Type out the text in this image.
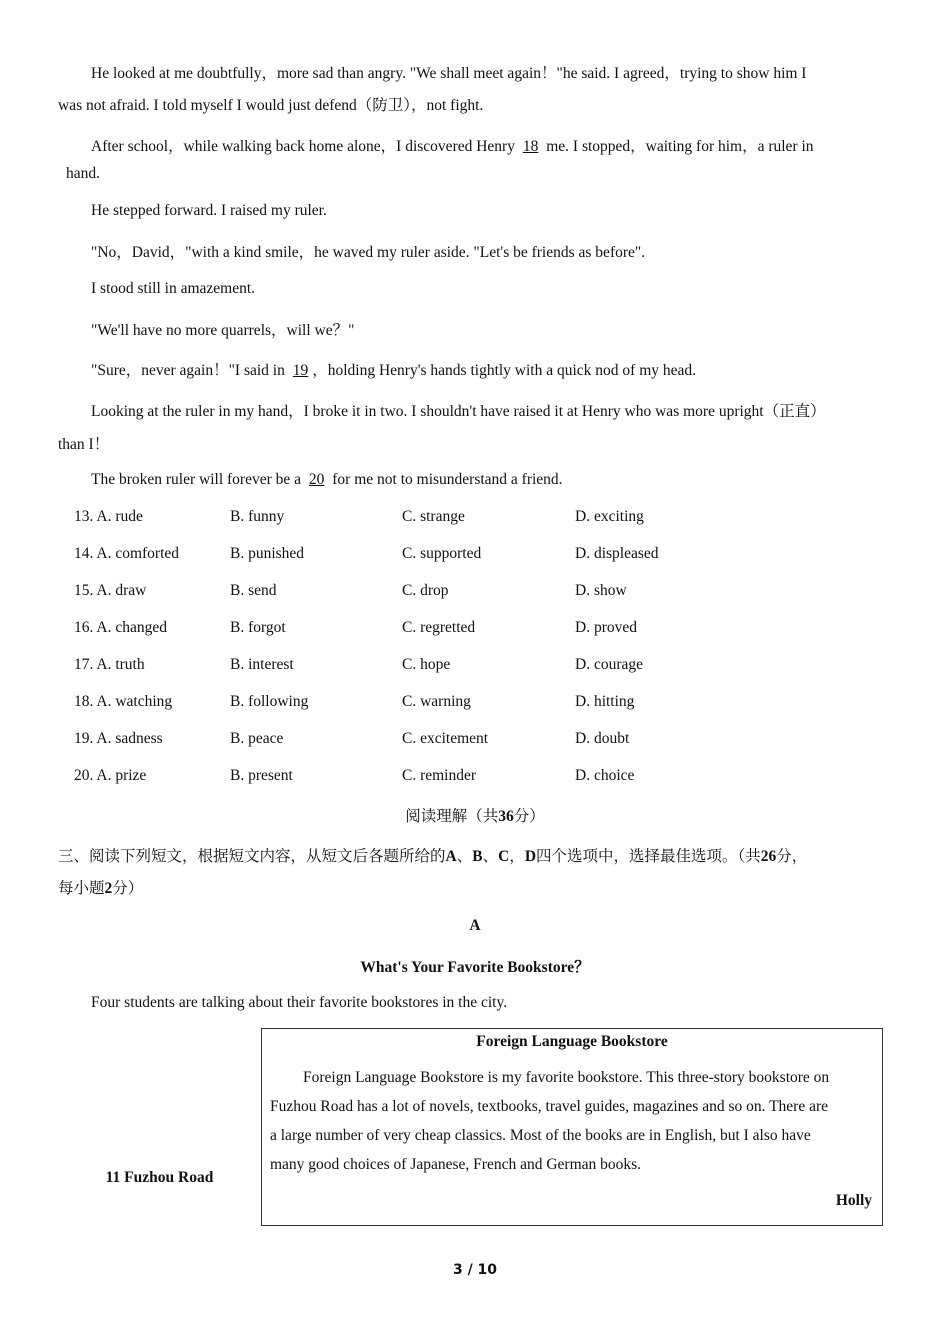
He looked at me doubtfully，more sad than angry. "We shall meet again！"he said. I agreed，trying to show him I
was not afraid. I told myself I would just defend（防卫），not fight.
After school，while walking back home alone，I discovered Henry 18 me. I stopped，waiting for him，a ruler in
hand.
He stepped forward. I raised my ruler.
"No，David，"with a kind smile，he waved my ruler aside. "Let's be friends as before".
I stood still in amazement.
"We'll have no more quarrels，will we？"
"Sure，never again！"I said in 19 ，holding Henry's hands tightly with a quick nod of my head.
Looking at the ruler in my hand，I broke it in two. I shouldn't have raised it at Henry who was more upright（正直）
than I！
The broken ruler will forever be a 20 for me not to misunderstand a friend.
13. A. rude	B. funny	C. strange	D. exciting
14. A. comforted	B. punished	C. supported	D. displeased
15. A. draw	B. send	C. drop	D. show
16. A. changed	B. forgot	C. regretted	D. proved
17. A. truth	B. interest	C. hope	D. courage
18. A. watching	B. following	C. warning	D. hitting
19. A. sadness	B. peace	C. excitement	D. doubt
20. A. prize	B. present	C. reminder	D. choice
阅读理解（共36分）
三、阅读下列短文，根据短文内容，从短文后各题所给的A、B、C，D四个选项中，选择最佳选项。（共26分，
每小题2分）
A
What's Your Favorite Bookstore？
Four students are talking about their favorite bookstores in the city.
11 Fuzhou Road
Foreign Language Bookstore
Foreign Language Bookstore is my favorite bookstore. This three-story bookstore on
Fuzhou Road has a lot of novels, textbooks, travel guides, magazines and so on. There are
a large number of very cheap classics. Most of the books are in English, but I also have
many good choices of Japanese, French and German books.
Holly
3 / 10
